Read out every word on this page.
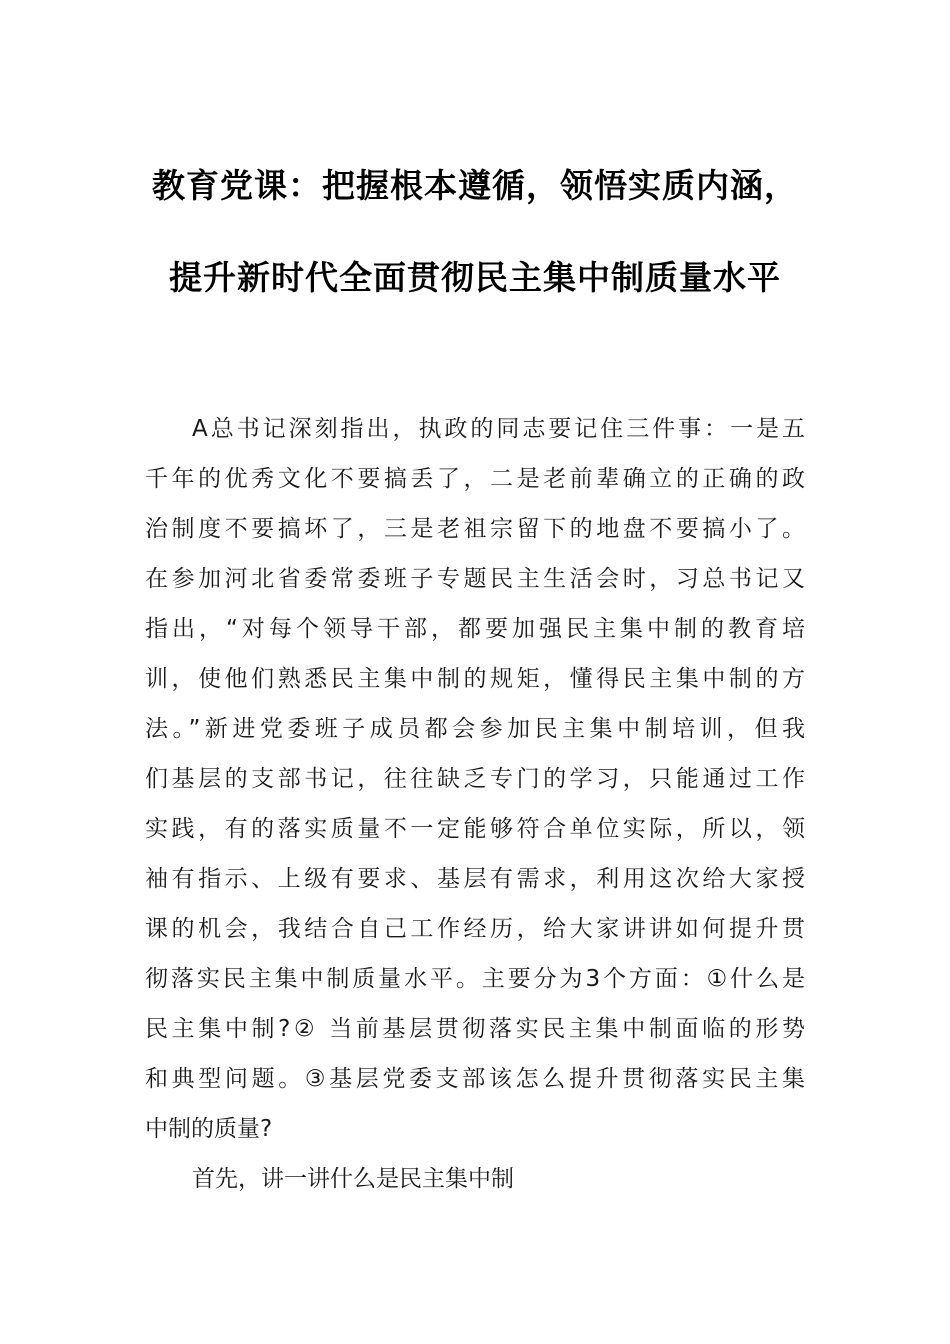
教育党课：把握根本遵循，领悟实质内涵，
提升新时代全面贯彻民主集中制质量水平
A总书记深刻指出，执政的同志要记住三件事：一是五
千年的优秀文化不要搞丢了，二是老前辈确立的正确的政
治制度不要搞坏了，三是老祖宗留下的地盘不要搞小了。
在参加河北省委常委班子专题民主生活会时，习总书记又
指出，“对每个领导干部，都要加强民主集中制的教育培
训，使他们熟悉民主集中制的规矩，懂得民主集中制的方
法。”新进党委班子成员都会参加民主集中制培训，但我
们基层的支部书记，往往缺乏专门的学习，只能通过工作
实践，有的落实质量不一定能够符合单位实际，所以，领
袖有指示、上级有要求、基层有需求，利用这次给大家授
课的机会，我结合自己工作经历，给大家讲讲如何提升贯
彻落实民主集中制质量水平。主要分为3个方面：①什么是
民主集中制?② 当前基层贯彻落实民主集中制面临的形势
和典型问题。③基层党委支部该怎么提升贯彻落实民主集
中制的质量?
首先，讲一讲什么是民主集中制
